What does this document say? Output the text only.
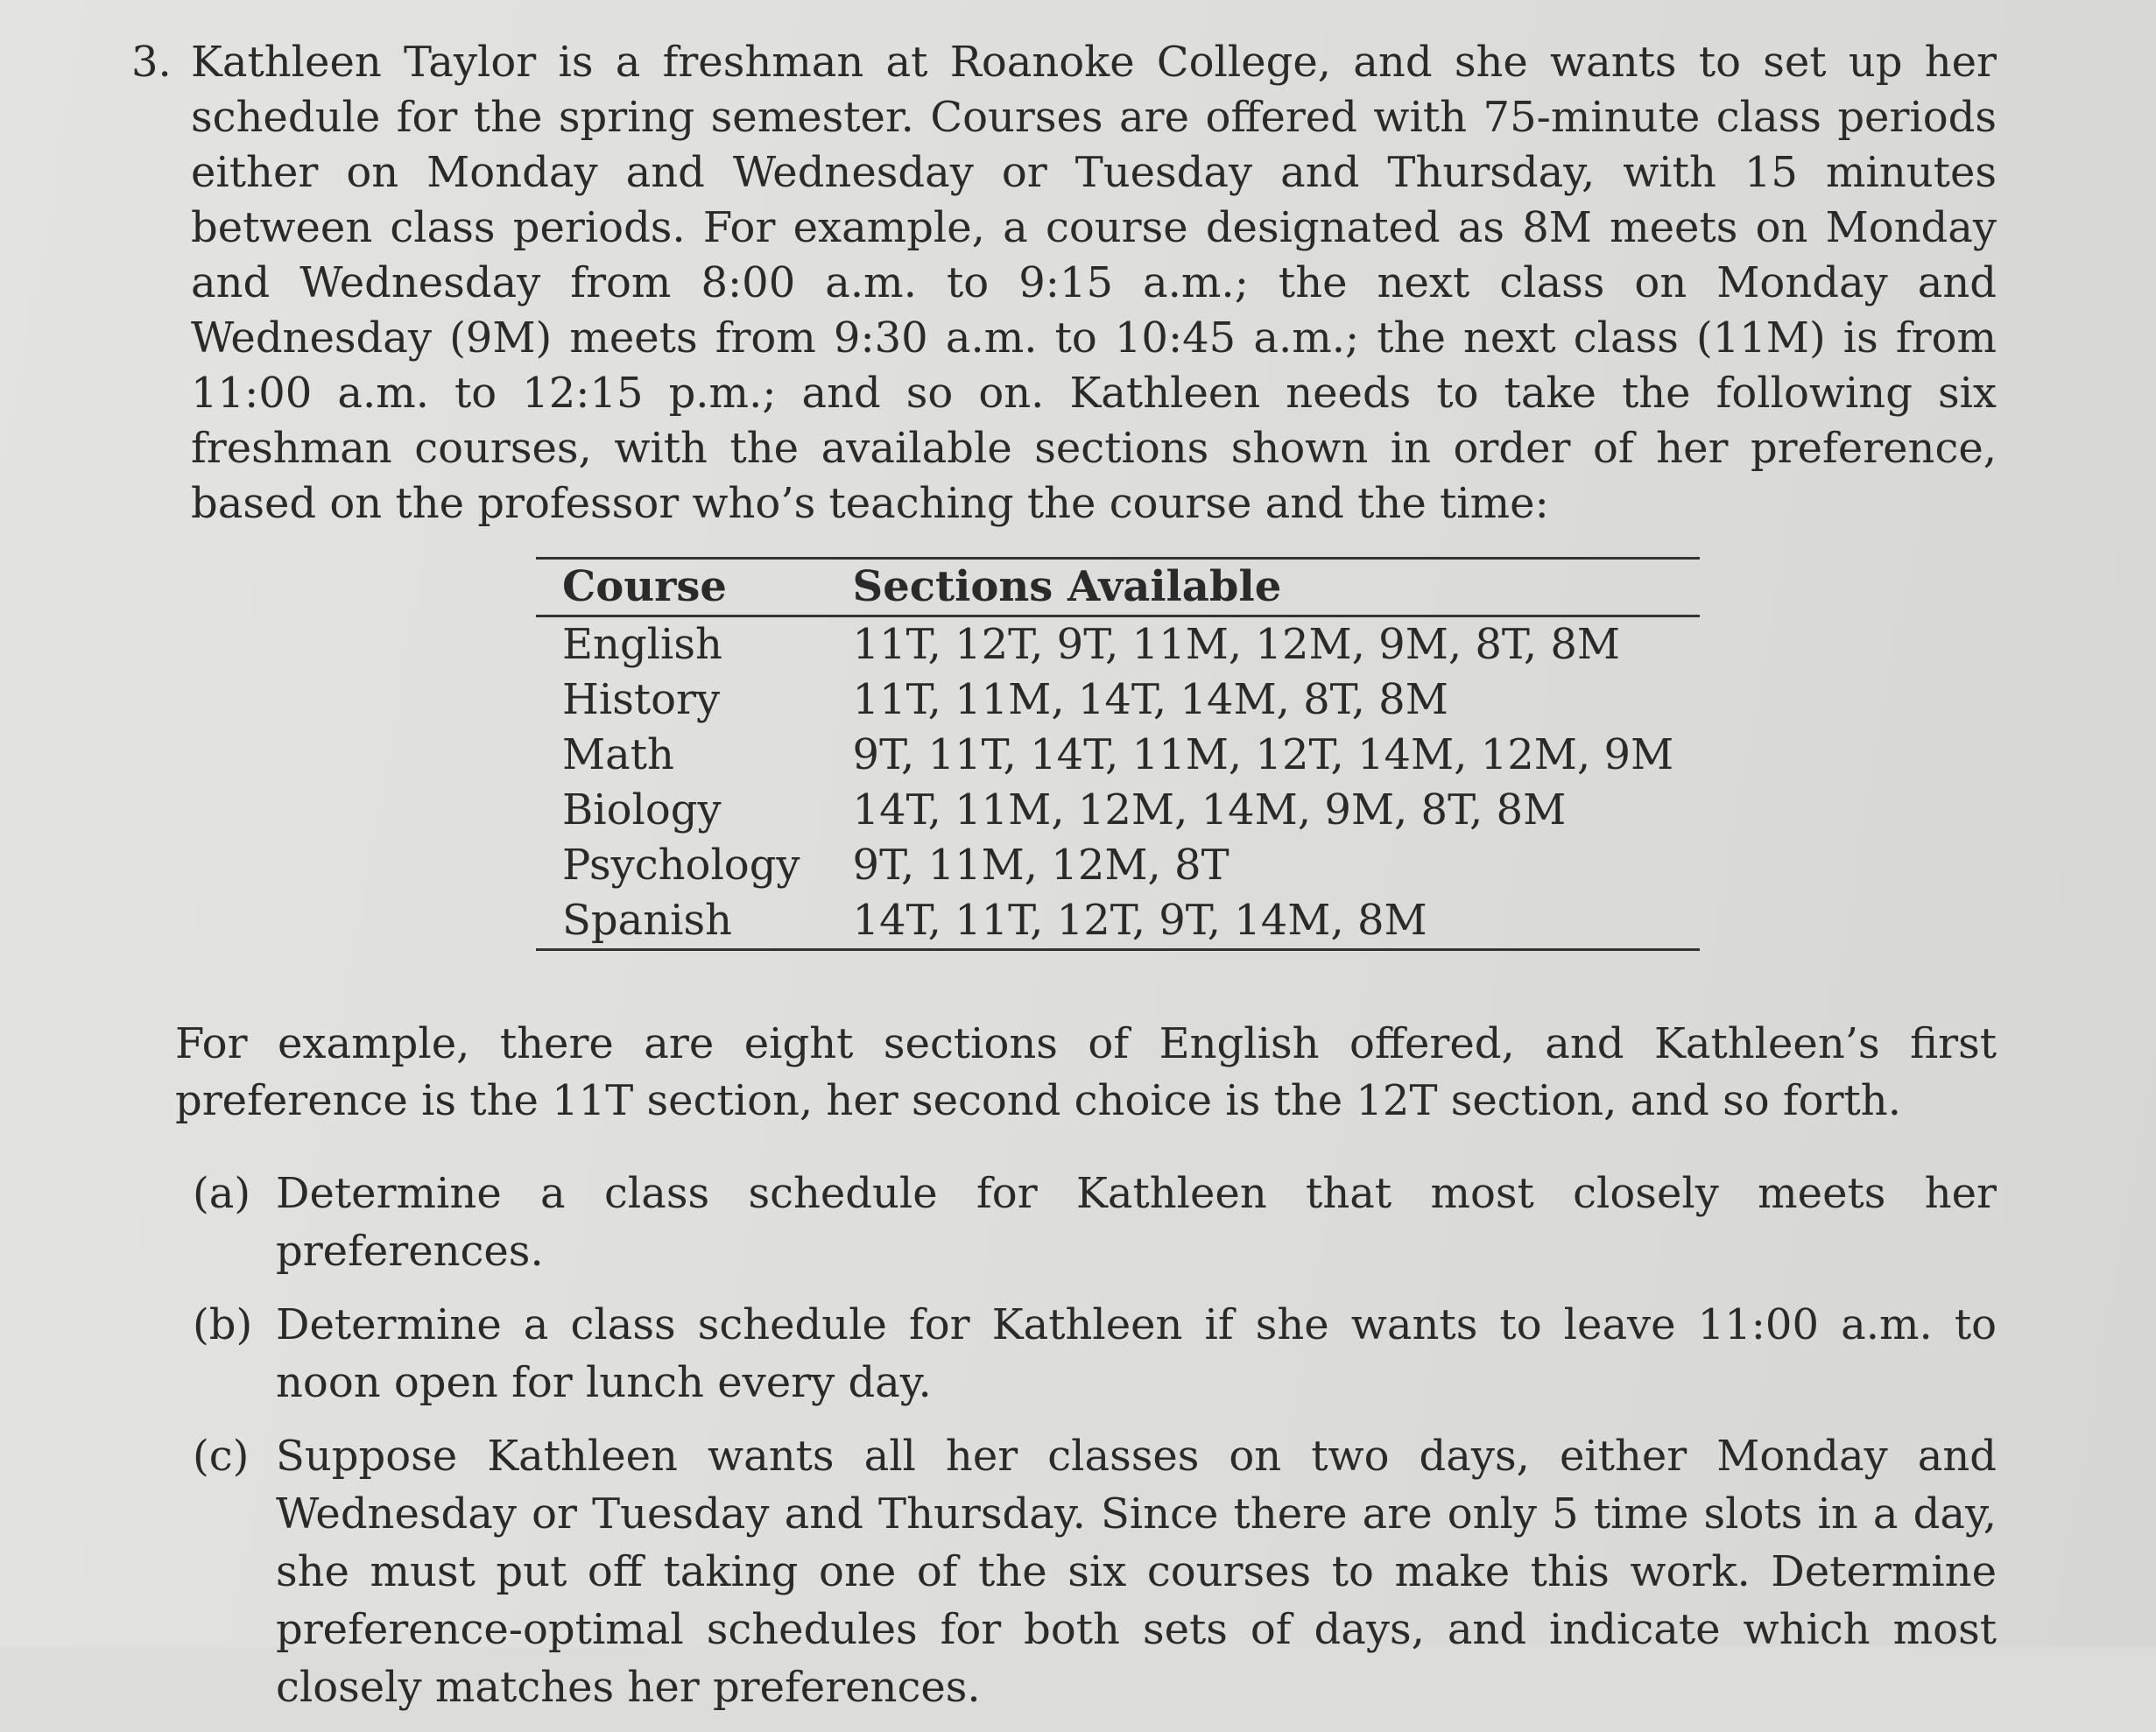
3. Kathleen Taylor is a freshman at Roanoke College, and she wants to set up her schedule for the spring semester. Courses are offered with 75-minute class periods either on Monday and Wednesday or Tuesday and Thursday, with 15 minutes between class periods. For example, a course designated as 8M meets on Monday and Wednesday from 8:00 a.m. to 9:15 a.m.; the next class on Monday and Wednesday (9M) meets from 9:30 a.m. to 10:45 a.m.; the next class (11M) is from 11:00 a.m. to 12:15 p.m.; and so on. Kathleen needs to take the following six freshman courses, with the available sections shown in order of her preference, based on the professor who’s teaching the course and the time:
Course	Sections Available
English	11T, 12T, 9T, 11M, 12M, 9M, 8T, 8M
History	11T, 11M, 14T, 14M, 8T, 8M
Math	9T, 11T, 14T, 11M, 12T, 14M, 12M, 9M
Biology	14T, 11M, 12M, 14M, 9M, 8T, 8M
Psychology	9T, 11M, 12M, 8T
Spanish	14T, 11T, 12T, 9T, 14M, 8M
For example, there are eight sections of English offered, and Kathleen’s first preference is the 11T section, her second choice is the 12T section, and so forth.
(a) Determine a class schedule for Kathleen that most closely meets her preferences.
(b) Determine a class schedule for Kathleen if she wants to leave 11:00 a.m. to noon open for lunch every day.
(c) Suppose Kathleen wants all her classes on two days, either Monday and Wednesday or Tuesday and Thursday. Since there are only 5 time slots in a day, she must put off taking one of the six courses to make this work. Determine preference-optimal schedules for both sets of days, and indicate which most closely matches her preferences.
